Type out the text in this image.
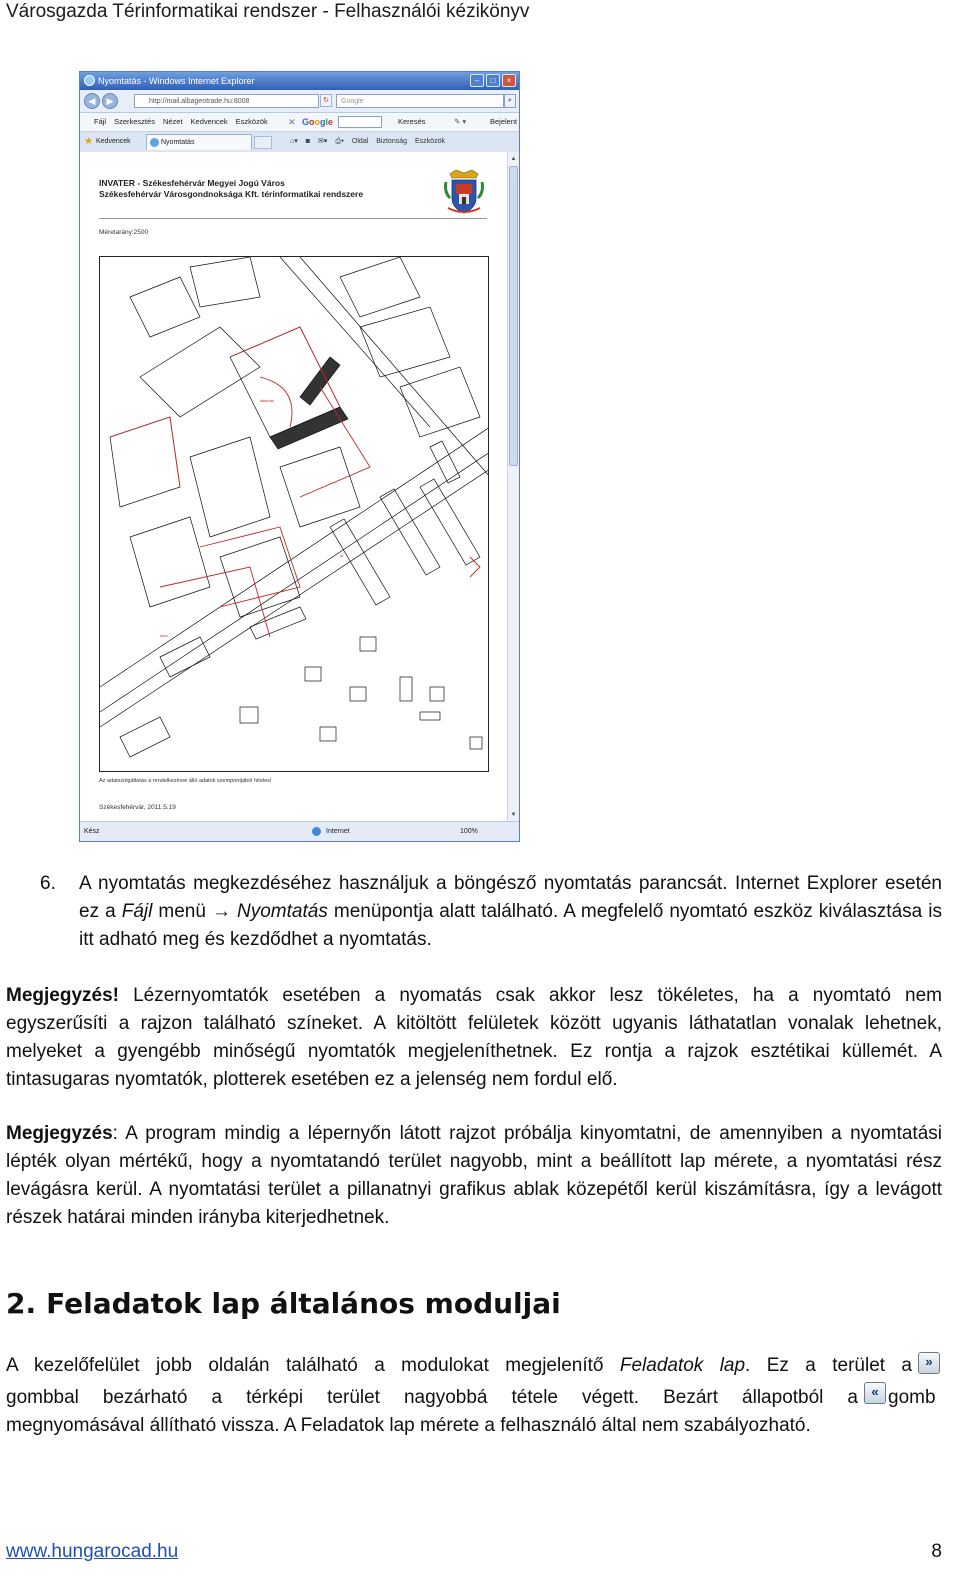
Városgazda Térinformatikai rendszer - Felhasználói kézikönyv
Nyomtatás - Windows Internet Explorer	–	□	×
◀	▶	http://mail.albageotrade.hu:8008	↻	Google	⌕
Fájl Szerkesztés Nézet Kedvencek Eszközök ✕ Google	Keresés	✎ ▾	Bejelent
★ Kedvencek	Nyomtatás	⌂▾ ◙ ✉▾ ⎙▾ Oldal Biztonság Eszközök
INVATER - Székesfehérvár Megyei Jogú Város
Székesfehérvár Városgondnoksága Kft. térinformatikai rendszere
Méretarány:2500
lakóház
utca
út
Az adatszolgáltatás a rendelkezésre álló adatok szempontjából hiteles!
Székesfehérvár, 2011.5.19
▲
▼
Kész	Internet	100%
6. A nyomtatás megkezdéséhez használjuk a böngésző nyomtatás parancsát. Internet Explorer esetén ez a Fájl menü → Nyomtatás menüpontja alatt található. A megfelelő nyomtató eszköz kiválasztása is itt adható meg és kezdődhet a nyomtatás.
Megjegyzés! Lézernyomtatók esetében a nyomatás csak akkor lesz tökéletes, ha a nyomtató nem egyszerűsíti a rajzon található színeket. A kitöltött felületek között ugyanis láthatatlan vonalak lehetnek, melyeket a gyengébb minőségű nyomtatók megjeleníthetnek. Ez rontja a rajzok esztétikai küllemét. A tintasugaras nyomtatók, plotterek esetében ez a jelenség nem fordul elő.
Megjegyzés: A program mindig a lépernyőn látott rajzot próbálja kinyomtatni, de amennyiben a nyomtatási lépték olyan mértékű, hogy a nyomtatandó terület nagyobb, mint a beállított lap mérete, a nyomtatási rész levágásra kerül. A nyomtatási terület a pillanatnyi grafikus ablak közepétől kerül kiszámításra, így a levágott részek határai minden irányba kiterjedhetnek.
2. Feladatok lap általános moduljai
A kezelőfelület jobb oldalán található a modulokat megjelenítő Feladatok lap. Ez a terület a
gombbal bezárható a térképi terület nagyobbá tétele végett. Bezárt állapotból a
megnyomásával állítható vissza. A Feladatok lap mérete a felhasználó által nem szabályozható.
»
« gomb
www.hungarocad.hu	8
